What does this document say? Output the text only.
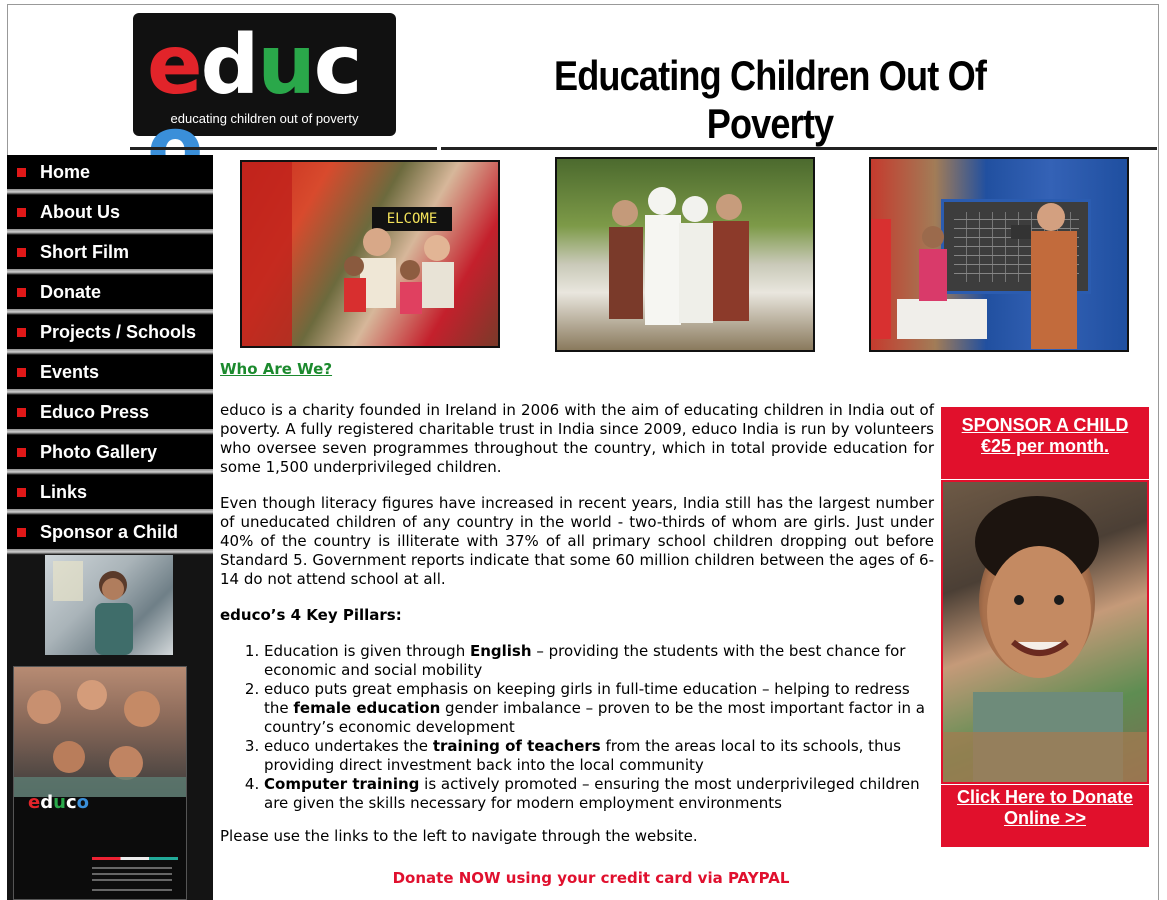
educ
educating children out of poverty
Educating Children Out Of Poverty
Home
About Us
Short Film
Donate
Projects / Schools
Events
Educo Press
Photo Gallery
Links
Sponsor a Child
educo
ELCOME
Who Are We?

educo is a charity founded in Ireland in 2006 with the aim of educating children in India out of poverty. A fully registered charitable trust in India since 2009, educo India is run by volunteers who oversee seven programmes throughout the country, which in total provide education for some 1,500 underprivileged children.

Even though literacy figures have increased in recent years, India still has the largest number of uneducated children of any country in the world - two-thirds of whom are girls. Just under 40% of the country is illiterate with 37% of all primary school children dropping out before Standard 5. Government reports indicate that some 60 million children between the ages of 6-14 do not attend school at all.

educo’s 4 Key Pillars:
1. Education is given through English – providing the students with the best chance for economic and social mobility
2. educo puts great emphasis on keeping girls in full-time education – helping to redress the female education gender imbalance – proven to be the most important factor in a country’s economic development
3. educo undertakes the training of teachers from the areas local to its schools, thus providing direct investment back into the local community
4. Computer training is actively promoted – ensuring the most underprivileged children are given the skills necessary for modern employment environments
Please use the links to the left to navigate through the website.
Donate NOW using your credit card via PAYPAL
SPONSOR A CHILD
€25 per month.
Click Here to Donate
Online >>
